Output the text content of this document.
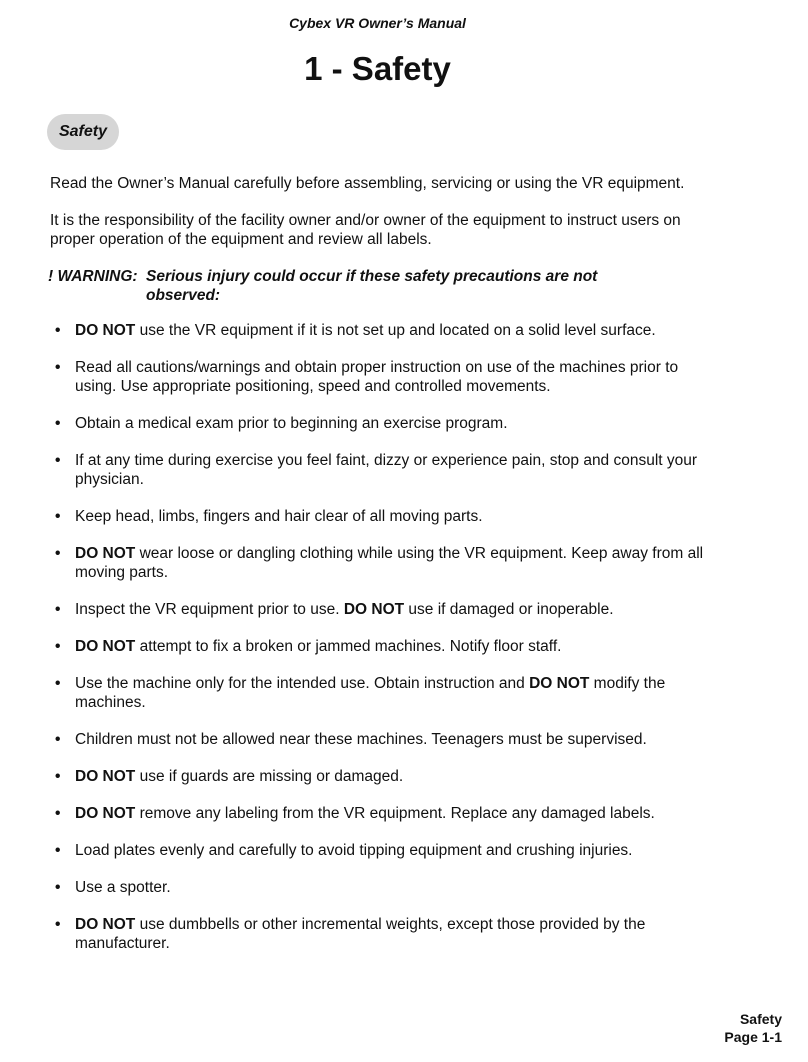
Cybex VR Owner’s Manual
1 - Safety
Safety

Read the Owner’s Manual carefully before assembling, servicing or using the VR equipment.

It is the responsibility of the facility owner and/or owner of the equipment to instruct users on proper operation of the equipment and review all labels.

! WARNING: Serious injury could occur if these safety precautions are not observed:
• DO NOT use the VR equipment if it is not set up and located on a solid level surface.
• Read all cautions/warnings and obtain proper instruction on use of the machines prior to using. Use appropriate positioning, speed and controlled movements.
• Obtain a medical exam prior to beginning an exercise program.
• If at any time during exercise you feel faint, dizzy or experience pain, stop and consult your physician.
• Keep head, limbs, fingers and hair clear of all moving parts.
• DO NOT wear loose or dangling clothing while using the VR equipment. Keep away from all moving parts.
• Inspect the VR equipment prior to use. DO NOT use if damaged or inoperable.
• DO NOT attempt to fix a broken or jammed machines. Notify floor staff.
• Use the machine only for the intended use. Obtain instruction and DO NOT modify the machines.
• Children must not be allowed near these machines. Teenagers must be supervised.
• DO NOT use if guards are missing or damaged.
• DO NOT remove any labeling from the VR equipment. Replace any damaged labels.
• Load plates evenly and carefully to avoid tipping equipment and crushing injuries.
• Use a spotter.
• DO NOT use dumbbells or other incremental weights, except those provided by the manufacturer.
Safety
Page 1-1
